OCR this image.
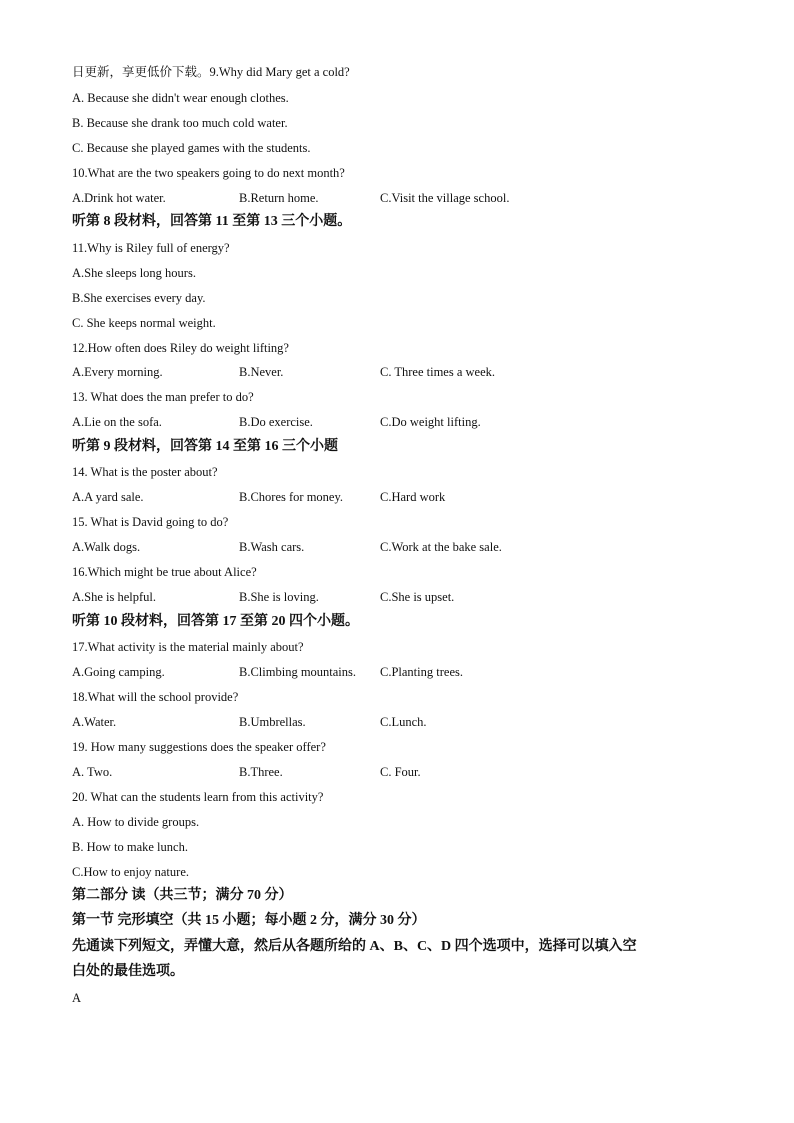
日更新，享更低价下载。9.Why did Mary get a cold?
A. Because she didn't wear enough clothes.
B. Because she drank too much cold water.
C. Because she played games with the students.
10.What are the two speakers going to do next month?
A.Drink hot water.	B.Return home.	C.Visit the village school.
听第 8 段材料，回答第 11 至第 13 三个小题。
11.Why is Riley full of energy?
A.She sleeps long hours.
B.She exercises every day.
C. She keeps normal weight.
12.How often does Riley do weight lifting?
A.Every morning.	B.Never.	C. Three times a week.
13. What does the man prefer to do?
A.Lie on the sofa.	B.Do exercise.	C.Do weight lifting.
听第 9 段材料，回答第 14 至第 16 三个小题
14. What is the poster about?
A.A yard sale.	B.Chores for money.	C.Hard work
15. What is David going to do?
A.Walk dogs.	B.Wash cars.	C.Work at the bake sale.
16.Which might be true about Alice?
A.She is helpful.	B.She is loving.	C.She is upset.
听第 10 段材料，回答第 17 至第 20 四个小题。
17.What activity is the material mainly about?
A.Going camping.	B.Climbing mountains. C.Planting trees.
18.What will the school provide?
A.Water.	B.Umbrellas.	C.Lunch.
19. How many suggestions does the speaker offer?
A. Two.	B.Three.	C. Four.
20. What can the students learn from this activity?
A. How to divide groups.
B. How to make lunch.
C.How to enjoy nature.
第二部分 读（共三节；满分 70 分）
第一节 完形填空（共 15 小题；每小题 2 分，满分 30 分）
先通读下列短文，弄懂大意，然后从各题所给的 A、B、C、D 四个选项中，选择可以填入空
白处的最佳选项。
A
